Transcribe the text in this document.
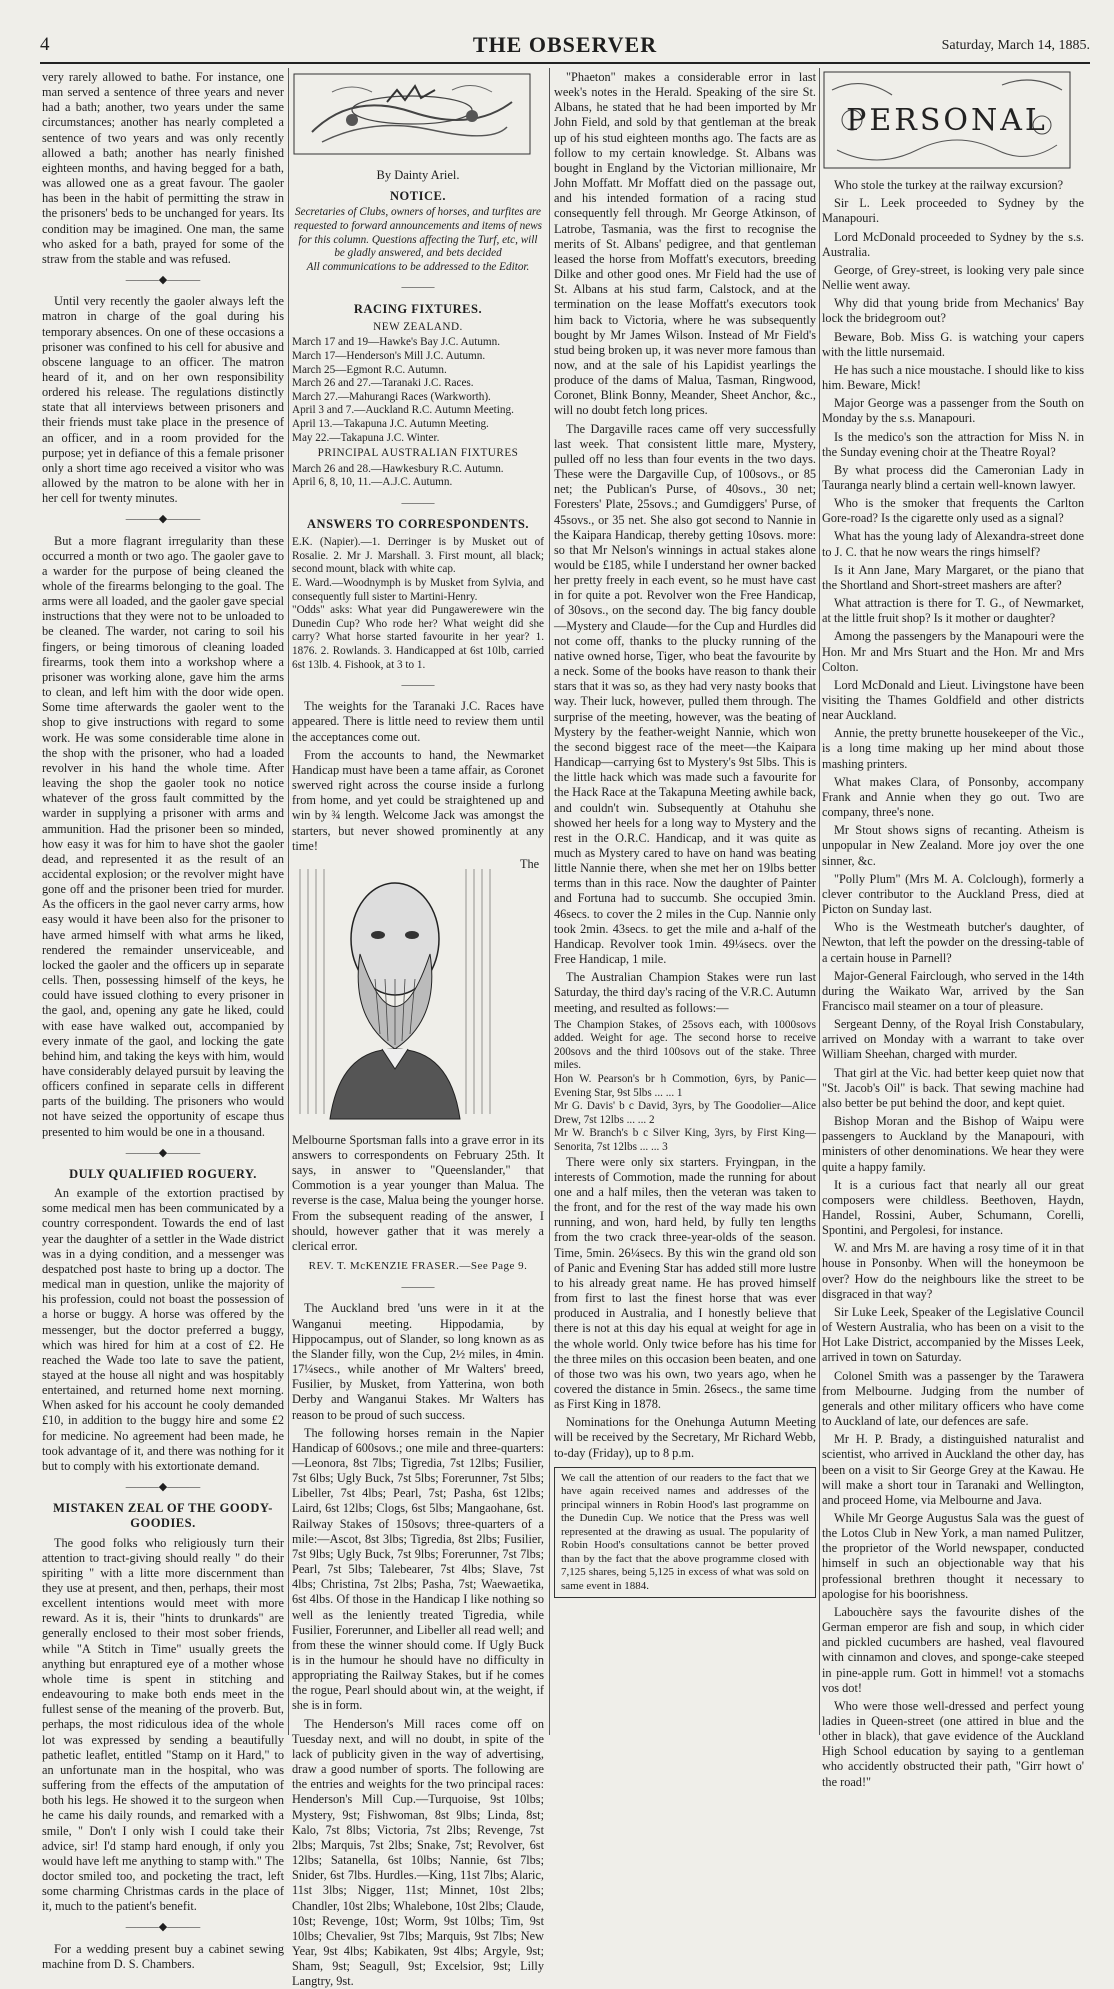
4	THE OBSERVER	Saturday, March 14, 1885.

very rarely allowed to bathe. For instance, one man served a sentence of three years and never had a bath; another, two years under the same circumstances; another has nearly completed a sentence of two years and was only recently allowed a bath; another has nearly finished eighteen months, and having begged for a bath, was allowed one as a great favour. The gaoler has been in the habit of permitting the straw in the prisoners' beds to be unchanged for years. Its condition may be imagined. One man, the same who asked for a bath, prayed for some of the straw from the stable and was refused.

———◆———

Until very recently the gaoler always left the matron in charge of the goal during his temporary absences. On one of these occasions a prisoner was confined to his cell for abusive and obscene language to an officer. The matron heard of it, and on her own responsibility ordered his release. The regulations distinctly state that all interviews between prisoners and their friends must take place in the presence of an officer, and in a room provided for the purpose; yet in defiance of this a female prisoner only a short time ago received a visitor who was allowed by the matron to be alone with her in her cell for twenty minutes.

———◆———

But a more flagrant irregularity than these occurred a month or two ago. The gaoler gave to a warder for the purpose of being cleaned the whole of the firearms belonging to the goal. The arms were all loaded, and the gaoler gave special instructions that they were not to be unloaded to be cleaned. The warder, not caring to soil his fingers, or being timorous of cleaning loaded firearms, took them into a workshop where a prisoner was working alone, gave him the arms to clean, and left him with the door wide open. Some time afterwards the gaoler went to the shop to give instructions with regard to some work. He was some considerable time alone in the shop with the prisoner, who had a loaded revolver in his hand the whole time. After leaving the shop the gaoler took no notice whatever of the gross fault committed by the warder in supplying a prisoner with arms and ammunition. Had the prisoner been so minded, how easy it was for him to have shot the gaoler dead, and represented it as the result of an accidental explosion; or the revolver might have gone off and the prisoner been tried for murder. As the officers in the gaol never carry arms, how easy would it have been also for the prisoner to have armed himself with what arms he liked, rendered the remainder unserviceable, and locked the gaoler and the officers up in separate cells. Then, possessing himself of the keys, he could have issued clothing to every prisoner in the gaol, and, opening any gate he liked, could with ease have walked out, accompanied by every inmate of the gaol, and locking the gate behind him, and taking the keys with him, would have considerably delayed pursuit by leaving the officers confined in separate cells in different parts of the building. The prisoners who would not have seized the opportunity of escape thus presented to him would be one in a thousand.

———◆———
DULY QUALIFIED ROGUERY.

An example of the extortion practised by some medical men has been communicated by a country correspondent. Towards the end of last year the daughter of a settler in the Wade district was in a dying condition, and a messenger was despatched post haste to bring up a doctor. The medical man in question, unlike the majority of his profession, could not boast the possession of a horse or buggy. A horse was offered by the messenger, but the doctor preferred a buggy, which was hired for him at a cost of £2. He reached the Wade too late to save the patient, stayed at the house all night and was hospitably entertained, and returned home next morning. When asked for his account he cooly demanded £10, in addition to the buggy hire and some £2 for medicine. No agreement had been made, he took advantage of it, and there was nothing for it but to comply with his extortionate demand.

———◆———
MISTAKEN ZEAL OF THE GOODY-GOODIES.

The good folks who religiously turn their attention to tract-giving should really " do their spiriting " with a litte more discernment than they use at present, and then, perhaps, their most excellent intentions would meet with more reward. As it is, their "hints to drunkards" are generally enclosed to their most sober friends, while "A Stitch in Time" usually greets the anything but enraptured eye of a mother whose whole time is spent in stitching and endeavouring to make both ends meet in the fullest sense of the meaning of the proverb. But, perhaps, the most ridiculous idea of the whole lot was expressed by sending a beautifully pathetic leaflet, entitled "Stamp on it Hard," to an unfortunate man in the hospital, who was suffering from the effects of the amputation of both his legs. He showed it to the surgeon when he came his daily rounds, and remarked with a smile, " Don't I only wish I could take their advice, sir! I'd stamp hard enough, if only you would have left me anything to stamp with." The doctor smiled too, and pocketing the tract, left some charming Christmas cards in the place of it, much to the patient's benefit.

———◆———

For a wedding present buy a cabinet sewing machine from D. S. Chambers.

By Dainty Ariel.
NOTICE.

Secretaries of Clubs, owners of horses, and turfites are requested to forward announcements and items of news for this column. Questions affecting the Turf, etc, will be gladly answered, and bets decided

All communications to be addressed to the Editor.

———
RACING FIXTURES.
NEW ZEALAND.

March 17 and 19—Hawke's Bay J.C. Autumn.

March 17—Henderson's Mill J.C. Autumn.

March 25—Egmont R.C. Autumn.

March 26 and 27.—Taranaki J.C. Races.

March 27.—Mahurangi Races (Warkworth).

April 3 and 7.—Auckland R.C. Autumn Meeting.

April 13.—Takapuna J.C. Autumn Meeting.

May 22.—Takapuna J.C. Winter.

PRINCIPAL AUSTRALIAN FIXTURES

March 26 and 28.—Hawkesbury R.C. Autumn.

April 6, 8, 10, 11.—A.J.C. Autumn.

———
ANSWERS TO CORRESPONDENTS.

E.K. (Napier).—1. Derringer is by Musket out of Rosalie. 2. Mr J. Marshall. 3. First mount, all black; second mount, black with white cap.

E. Ward.—Woodnymph is by Musket from Sylvia, and consequently full sister to Martini-Henry.

"Odds" asks: What year did Pungawerewere win the Dunedin Cup? Who rode her? What weight did she carry? What horse started favourite in her year? 1. 1876. 2. Rowlands. 3. Handicapped at 6st 10lb, carried 6st 13lb. 4. Fishook, at 3 to 1.

———

The weights for the Taranaki J.C. Races have appeared. There is little need to review them until the acceptances come out.

From the accounts to hand, the Newmarket Handicap must have been a tame affair, as Coronet swerved right across the course inside a furlong from home, and yet could be straightened up and win by ¾ length. Welcome Jack was amongst the starters, but never showed prominently at any time!

The Melbourne Sportsman falls into a grave error in its answers to correspondents on February 25th. It says, in answer to "Queenslander," that Commotion is a year younger than Malua. The reverse is the case, Malua being the younger horse. From the subsequent reading of the answer, I should, however gather that it was merely a clerical error.

REV. T. McKENZIE FRASER.—See Page 9.
———

The Auckland bred 'uns were in it at the Wanganui meeting. Hippodamia, by Hippocampus, out of Slander, so long known as as the Slander filly, won the Cup, 2½ miles, in 4min. 17¼secs., while another of Mr Walters' breed, Fusilier, by Musket, from Yatterina, won both Derby and Wanganui Stakes. Mr Walters has reason to be proud of such success.

The following horses remain in the Napier Handicap of 600sovs.; one mile and three-quarters:—Leonora, 8st 7lbs; Tigredia, 7st 12lbs; Fusilier, 7st 6lbs; Ugly Buck, 7st 5lbs; Forerunner, 7st 5lbs; Libeller, 7st 4lbs; Pearl, 7st; Pasha, 6st 12lbs; Laird, 6st 12lbs; Clogs, 6st 5lbs; Mangaohane, 6st. Railway Stakes of 150sovs; three-quarters of a mile:—Ascot, 8st 3lbs; Tigredia, 8st 2lbs; Fusilier, 7st 9lbs; Ugly Buck, 7st 9lbs; Forerunner, 7st 7lbs; Pearl, 7st 5lbs; Talebearer, 7st 4lbs; Slave, 7st 4lbs; Christina, 7st 2lbs; Pasha, 7st; Waewaetika, 6st 4lbs. Of those in the Handicap I like nothing so well as the leniently treated Tigredia, while Fusilier, Forerunner, and Libeller all read well; and from these the winner should come. If Ugly Buck is in the humour he should have no difficulty in appropriating the Railway Stakes, but if he comes the rogue, Pearl should about win, at the weight, if she is in form.

The Henderson's Mill races come off on Tuesday next, and will no doubt, in spite of the lack of publicity given in the way of advertising, draw a good number of sports. The following are the entries and weights for the two principal races: Henderson's Mill Cup.—Turquoise, 9st 10lbs; Mystery, 9st; Fishwoman, 8st 9lbs; Linda, 8st; Kalo, 7st 8lbs; Victoria, 7st 2lbs; Revenge, 7st 2lbs; Marquis, 7st 2lbs; Snake, 7st; Revolver, 6st 12lbs; Satanella, 6st 10lbs; Nannie, 6st 7lbs; Snider, 6st 7lbs. Hurdles.—King, 11st 7lbs; Alaric, 11st 3lbs; Nigger, 11st; Minnet, 10st 2lbs; Chandler, 10st 2lbs; Whalebone, 10st 2lbs; Claude, 10st; Revenge, 10st; Worm, 9st 10lbs; Tim, 9st 10lbs; Chevalier, 9st 7lbs; Marquis, 9st 7lbs; New Year, 9st 4lbs; Kabikaten, 9st 4lbs; Argyle, 9st; Sham, 9st; Seagull, 9st; Excelsior, 9st; Lilly Langtry, 9st.

"Phaeton" makes a considerable error in last week's notes in the Herald. Speaking of the sire St. Albans, he stated that he had been imported by Mr John Field, and sold by that gentleman at the break up of his stud eighteen months ago. The facts are as follow to my certain knowledge. St. Albans was bought in England by the Victorian millionaire, Mr John Moffatt. Mr Moffatt died on the passage out, and his intended formation of a racing stud consequently fell through. Mr George Atkinson, of Latrobe, Tasmania, was the first to recognise the merits of St. Albans' pedigree, and that gentleman leased the horse from Moffatt's executors, breeding Dilke and other good ones. Mr Field had the use of St. Albans at his stud farm, Calstock, and at the termination on the lease Moffatt's executors took him back to Victoria, where he was subsequently bought by Mr James Wilson. Instead of Mr Field's stud being broken up, it was never more famous than now, and at the sale of his Lapidist yearlings the produce of the dams of Malua, Tasman, Ringwood, Coronet, Blink Bonny, Meander, Sheet Anchor, &c., will no doubt fetch long prices.

The Dargaville races came off very successfully last week. That consistent little mare, Mystery, pulled off no less than four events in the two days. These were the Dargaville Cup, of 100sovs., or 85 net; the Publican's Purse, of 40sovs., 30 net; Foresters' Plate, 25sovs.; and Gumdiggers' Purse, of 45sovs., or 35 net. She also got second to Nannie in the Kaipara Handicap, thereby getting 10sovs. more: so that Mr Nelson's winnings in actual stakes alone would be £185, while I understand her owner backed her pretty freely in each event, so he must have cast in for quite a pot. Revolver won the Free Handicap, of 30sovs., on the second day. The big fancy double—Mystery and Claude—for the Cup and Hurdles did not come off, thanks to the plucky running of the native owned horse, Tiger, who beat the favourite by a neck. Some of the books have reason to thank their stars that it was so, as they had very nasty books that way. Their luck, however, pulled them through. The surprise of the meeting, however, was the beating of Mystery by the feather-weight Nannie, which won the second biggest race of the meet—the Kaipara Handicap—carrying 6st to Mystery's 9st 5lbs. This is the little hack which was made such a favourite for the Hack Race at the Takapuna Meeting awhile back, and couldn't win. Subsequently at Otahuhu she showed her heels for a long way to Mystery and the rest in the O.R.C. Handicap, and it was quite as much as Mystery cared to have on hand was beating little Nannie there, when she met her on 19lbs better terms than in this race. Now the daughter of Painter and Fortuna had to succumb. She occupied 3min. 46secs. to cover the 2 miles in the Cup. Nannie only took 2min. 43secs. to get the mile and a-half of the Handicap. Revolver took 1min. 49¼secs. over the Free Handicap, 1 mile.

The Australian Champion Stakes were run last Saturday, the third day's racing of the V.R.C. Autumn meeting, and resulted as follows:—

The Champion Stakes, of 25sovs each, with 1000sovs added. Weight for age. The second horse to receive 200sovs and the third 100sovs out of the stake. Three miles.

Hon W. Pearson's br h Commotion, 6yrs, by Panic—Evening Star, 9st 5lbs ... ... 1

Mr G. Davis' b c David, 3yrs, by The Goodolier—Alice Drew, 7st 12lbs ... ... 2

Mr W. Branch's b c Silver King, 3yrs, by First King—Senorita, 7st 12lbs ... ... 3

There were only six starters. Fryingpan, in the interests of Commotion, made the running for about one and a half miles, then the veteran was taken to the front, and for the rest of the way made his own running, and won, hard held, by fully ten lengths from the two crack three-year-olds of the season. Time, 5min. 26¼secs. By this win the grand old son of Panic and Evening Star has added still more lustre to his already great name. He has proved himself from first to last the finest horse that was ever produced in Australia, and I honestly believe that there is not at this day his equal at weight for age in the whole world. Only twice before has his time for the three miles on this occasion been beaten, and one of those two was his own, two years ago, when he covered the distance in 5min. 26secs., the same time as First King in 1878.

Nominations for the Onehunga Autumn Meeting will be received by the Secretary, Mr Richard Webb, to-day (Friday), up to 8 p.m.

We call the attention of our readers to the fact that we have again received names and addresses of the principal winners in Robin Hood's last programme on the Dunedin Cup. We notice that the Press was well represented at the drawing as usual. The popularity of Robin Hood's consultations cannot be better proved than by the fact that the above programme closed with 7,125 shares, being 5,125 in excess of what was sold on same event in 1884.
PERSONAL

Who stole the turkey at the railway excursion?

Sir L. Leek proceeded to Sydney by the Manapouri.

Lord McDonald proceeded to Sydney by the s.s. Australia.

George, of Grey-street, is looking very pale since Nellie went away.

Why did that young bride from Mechanics' Bay lock the bridegroom out?

Beware, Bob. Miss G. is watching your capers with the little nursemaid.

He has such a nice moustache. I should like to kiss him. Beware, Mick!

Major George was a passenger from the South on Monday by the s.s. Manapouri.

Is the medico's son the attraction for Miss N. in the Sunday evening choir at the Theatre Royal?

By what process did the Cameronian Lady in Tauranga nearly blind a certain well-known lawyer.

Who is the smoker that frequents the Carlton Gore-road? Is the cigarette only used as a signal?

What has the young lady of Alexandra-street done to J. C. that he now wears the rings himself?

Is it Ann Jane, Mary Margaret, or the piano that the Shortland and Short-street mashers are after?

What attraction is there for T. G., of Newmarket, at the little fruit shop? Is it mother or daughter?

Among the passengers by the Manapouri were the Hon. Mr and Mrs Stuart and the Hon. Mr and Mrs Colton.

Lord McDonald and Lieut. Livingstone have been visiting the Thames Goldfield and other districts near Auckland.

Annie, the pretty brunette housekeeper of the Vic., is a long time making up her mind about those mashing printers.

What makes Clara, of Ponsonby, accompany Frank and Annie when they go out. Two are company, three's none.

Mr Stout shows signs of recanting. Atheism is unpopular in New Zealand. More joy over the one sinner, &c.

"Polly Plum" (Mrs M. A. Colclough), formerly a clever contributor to the Auckland Press, died at Picton on Sunday last.

Who is the Westmeath butcher's daughter, of Newton, that left the powder on the dressing-table of a certain house in Parnell?

Major-General Fairclough, who served in the 14th during the Waikato War, arrived by the San Francisco mail steamer on a tour of pleasure.

Sergeant Denny, of the Royal Irish Constabulary, arrived on Monday with a warrant to take over William Sheehan, charged with murder.

That girl at the Vic. had better keep quiet now that "St. Jacob's Oil" is back. That sewing machine had also better be put behind the door, and kept quiet.

Bishop Moran and the Bishop of Waipu were passengers to Auckland by the Manapouri, with ministers of other denominations. We hear they were quite a happy family.

It is a curious fact that nearly all our great composers were childless. Beethoven, Haydn, Handel, Rossini, Auber, Schumann, Corelli, Spontini, and Pergolesi, for instance.

W. and Mrs M. are having a rosy time of it in that house in Ponsonby. When will the honeymoon be over? How do the neighbours like the street to be disgraced in that way?

Sir Luke Leek, Speaker of the Legislative Council of Western Australia, who has been on a visit to the Hot Lake District, accompanied by the Misses Leek, arrived in town on Saturday.

Colonel Smith was a passenger by the Tarawera from Melbourne. Judging from the number of generals and other military officers who have come to Auckland of late, our defences are safe.

Mr H. P. Brady, a distinguished naturalist and scientist, who arrived in Auckland the other day, has been on a visit to Sir George Grey at the Kawau. He will make a short tour in Taranaki and Wellington, and proceed Home, via Melbourne and Java.

While Mr George Augustus Sala was the guest of the Lotos Club in New York, a man named Pulitzer, the proprietor of the World newspaper, conducted himself in such an objectionable way that his professional brethren thought it necessary to apologise for his boorishness.

Labouchère says the favourite dishes of the German emperor are fish and soup, in which cider and pickled cucumbers are hashed, veal flavoured with cinnamon and cloves, and sponge-cake steeped in pine-apple rum. Gott in himmel! vot a stomachs vos dot!

Who were those well-dressed and perfect young ladies in Queen-street (one attired in blue and the other in black), that gave evidence of the Auckland High School education by saying to a gentleman who accidently obstructed their path, "Girr howt o' the road!"
